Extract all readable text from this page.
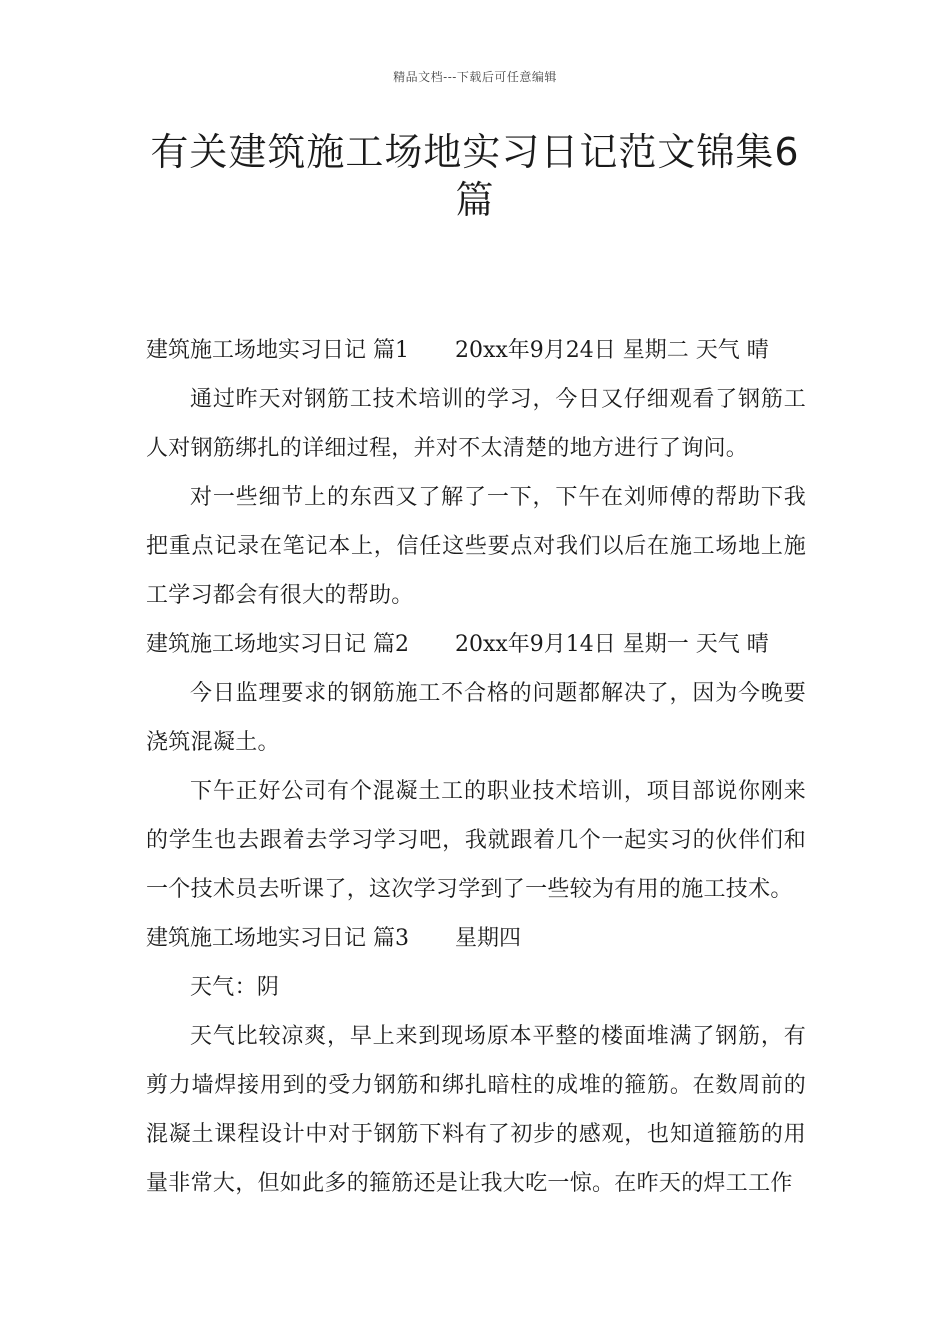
精品文档---下载后可任意编辑
有关建筑施工场地实习日记范文锦集6篇
建筑施工场地实习日记 篇1 20xx年9月24日 星期二 天气 晴

通过昨天对钢筋工技术培训的学习，今日又仔细观看了钢筋工人对钢筋绑扎的详细过程，并对不太清楚的地方进行了询问。

对一些细节上的东西又了解了一下，下午在刘师傅的帮助下我把重点记录在笔记本上，信任这些要点对我们以后在施工场地上施工学习都会有很大的帮助。

建筑施工场地实习日记 篇2 20xx年9月14日 星期一 天气 晴

今日监理要求的钢筋施工不合格的问题都解决了，因为今晚要浇筑混凝土。

下午正好公司有个混凝土工的职业技术培训，项目部说你刚来的学生也去跟着去学习学习吧，我就跟着几个一起实习的伙伴们和一个技术员去听课了，这次学习学到了一些较为有用的施工技术。

建筑施工场地实习日记 篇3 星期四

天气：阴

天气比较凉爽，早上来到现场原本平整的楼面堆满了钢筋，有剪力墙焊接用到的受力钢筋和绑扎暗柱的成堆的箍筋。在数周前的混凝土课程设计中对于钢筋下料有了初步的感观，也知道箍筋的用量非常大，但如此多的箍筋还是让我大吃一惊。在昨天的焊工工作
